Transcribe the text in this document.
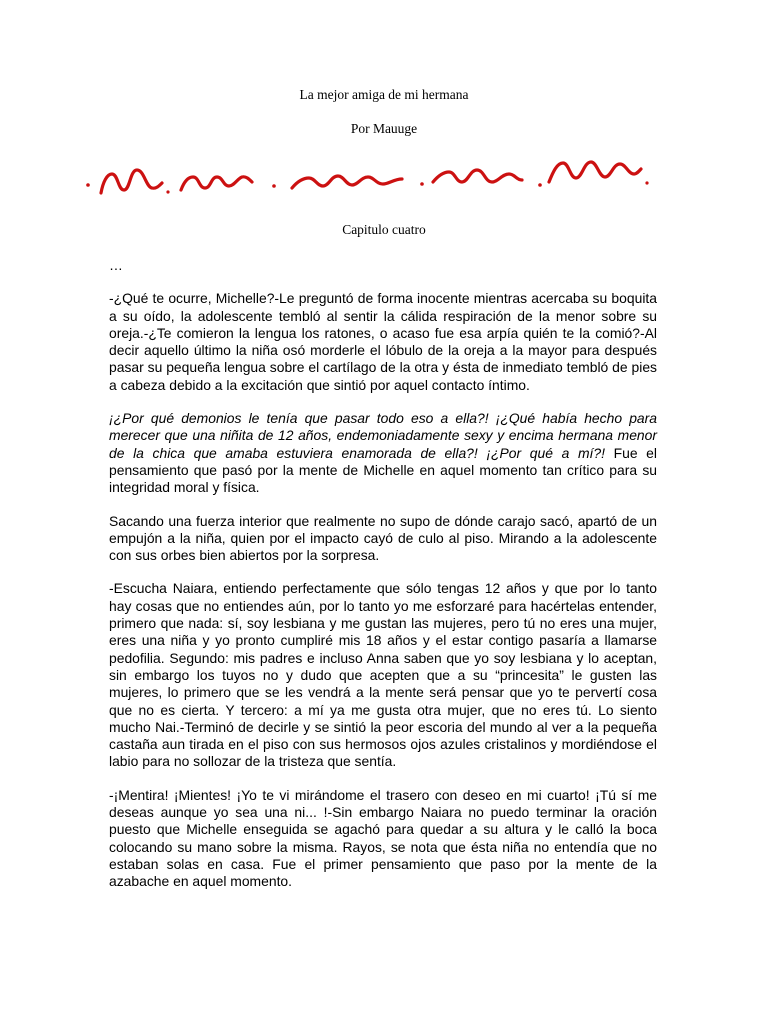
La mejor amiga de mi hermana
Por Mauuge
Capitulo cuatro

…

-¿Qué te ocurre, Michelle?-Le preguntó de forma inocente mientras acercaba su boquita a su oído, la adolescente tembló al sentir la cálida respiración de la menor sobre su oreja.-¿Te comieron la lengua los ratones, o acaso fue esa arpía quién te la comió?-Al decir aquello último la niña osó morderle el lóbulo de la oreja a la mayor para después pasar su pequeña lengua sobre el cartílago de la otra y ésta de inmediato tembló de pies a cabeza debido a la excitación que sintió por aquel contacto íntimo.

¡¿Por qué demonios le tenía que pasar todo eso a ella?! ¡¿Qué había hecho para merecer que una niñita de 12 años, endemoniadamente sexy y encima hermana menor de la chica que amaba estuviera enamorada de ella?! ¡¿Por qué a mí?! Fue el pensamiento que pasó por la mente de Michelle en aquel momento tan crítico para su integridad moral y física.

Sacando una fuerza interior que realmente no supo de dónde carajo sacó, apartó de un empujón a la niña, quien por el impacto cayó de culo al piso. Mirando a la adolescente con sus orbes bien abiertos por la sorpresa.

-Escucha Naiara, entiendo perfectamente que sólo tengas 12 años y que por lo tanto hay cosas que no entiendes aún, por lo tanto yo me esforzaré para hacértelas entender, primero que nada: sí, soy lesbiana y me gustan las mujeres, pero tú no eres una mujer, eres una niña y yo pronto cumpliré mis 18 años y el estar contigo pasaría a llamarse pedofilia. Segundo: mis padres e incluso Anna saben que yo soy lesbiana y lo aceptan, sin embargo los tuyos no y dudo que acepten que a su “princesita” le gusten las mujeres, lo primero que se les vendrá a la mente será pensar que yo te pervertí cosa que no es cierta. Y tercero: a mí ya me gusta otra mujer, que no eres tú. Lo siento mucho Nai.-Terminó de decirle y se sintió la peor escoria del mundo al ver a la pequeña castaña aun tirada en el piso con sus hermosos ojos azules cristalinos y mordiéndose el labio para no sollozar de la tristeza que sentía.

-¡Mentira! ¡Mientes! ¡Yo te vi mirándome el trasero con deseo en mi cuarto! ¡Tú sí me deseas aunque yo sea una ni... !-Sin embargo Naiara no puedo terminar la oración puesto que Michelle enseguida se agachó para quedar a su altura y le calló la boca colocando su mano sobre la misma. Rayos, se nota que ésta niña no entendía que no estaban solas en casa. Fue el primer pensamiento que paso por la mente de la azabache en aquel momento.
